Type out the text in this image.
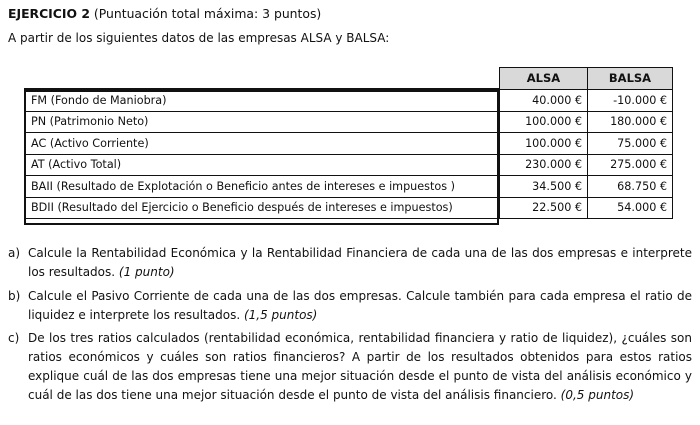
EJERCICIO 2 (Puntuación total máxima: 3 puntos)
A partir de los siguientes datos de las empresas ALSA y BALSA:
	ALSA	BALSA
FM (Fondo de Maniobra)	40.000 €	-10.000 €
PN (Patrimonio Neto)	100.000 €	180.000 €
AC (Activo Corriente)	100.000 €	75.000 €
AT (Activo Total)	230.000 €	275.000 €
BAII (Resultado de Explotación o Beneficio antes de intereses e impuestos )	34.500 €	68.750 €
BDII (Resultado del Ejercicio o Beneficio después de intereses e impuestos)	22.500 €	54.000 €
a) Calcule la Rentabilidad Económica y la Rentabilidad Financiera de cada una de las dos empresas e interprete los resultados. (1 punto)
b) Calcule el Pasivo Corriente de cada una de las dos empresas. Calcule también para cada empresa el ratio de liquidez e interprete los resultados. (1,5 puntos)
c) De los tres ratios calculados (rentabilidad económica, rentabilidad financiera y ratio de liquidez), ¿cuáles son ratios económicos y cuáles son ratios financieros? A partir de los resultados obtenidos para estos ratios explique cuál de las dos empresas tiene una mejor situación desde el punto de vista del análisis económico y cuál de las dos tiene una mejor situación desde el punto de vista del análisis financiero. (0,5 puntos)
